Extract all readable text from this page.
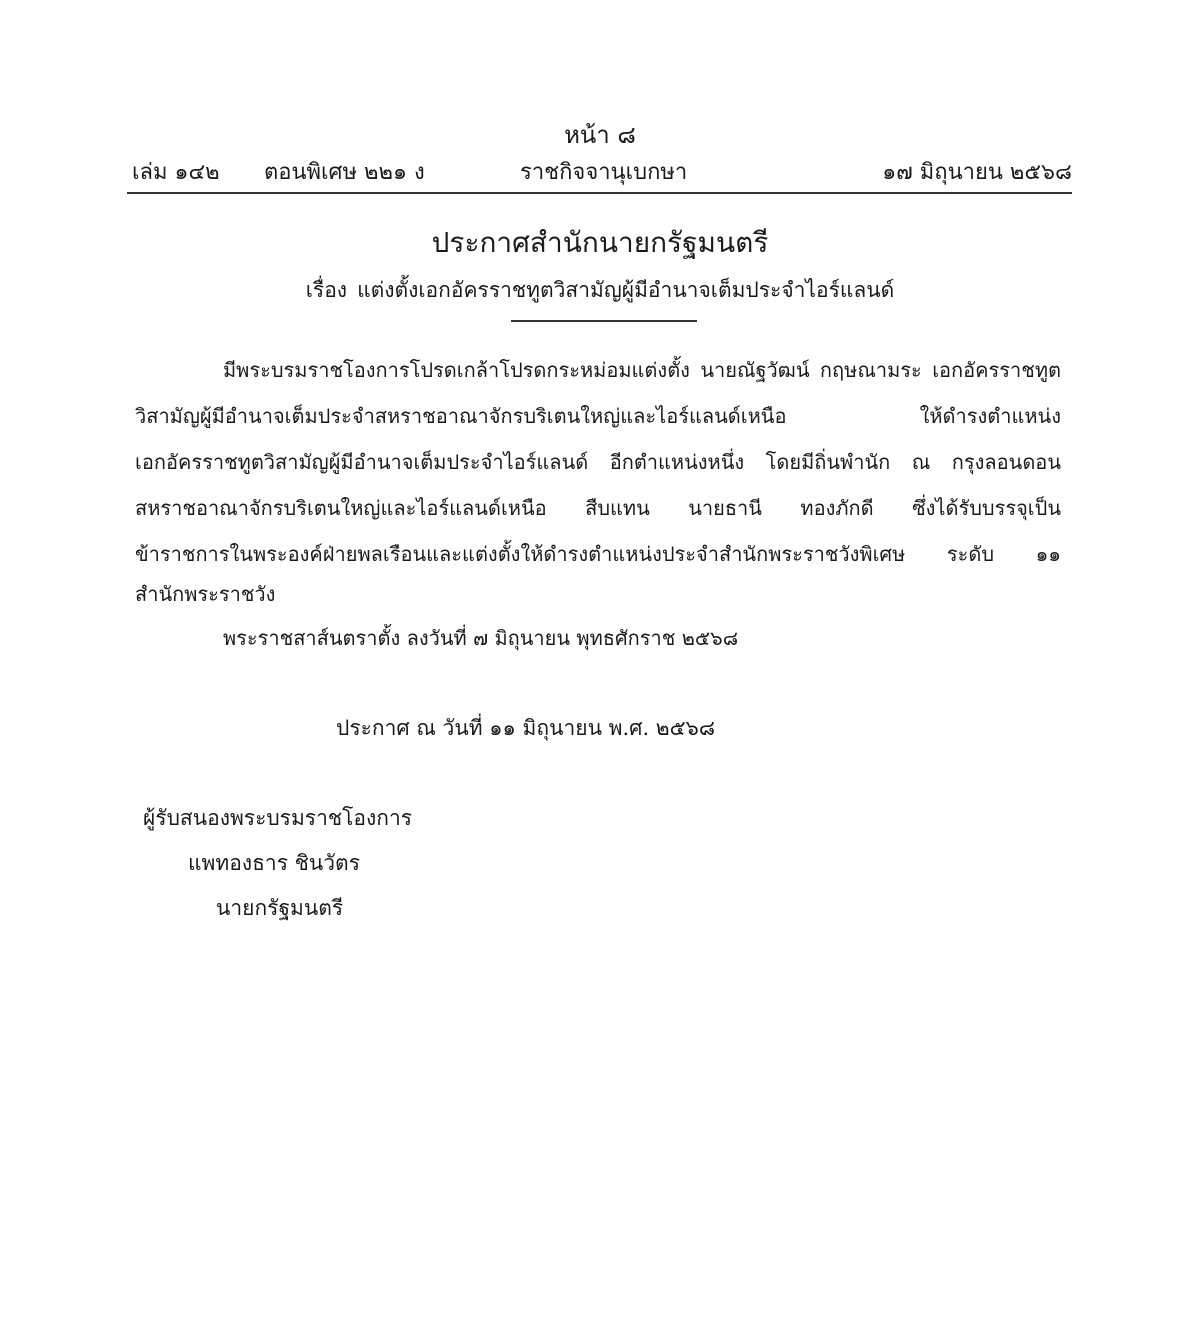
หน้า ๘
เล่ม ๑๔๒ ตอนพิเศษ ๒๒๑ ง	ราชกิจจานุเบกษา	๑๗ มิถุนายน ๒๕๖๘
ประกาศสำนักนายกรัฐมนตรี
เรื่อง แต่งตั้งเอกอัครราชทูตวิสามัญผู้มีอำนาจเต็มประจำไอร์แลนด์
มีพระบรมราชโองการโปรดเกล้าโปรดกระหม่อมแต่งตั้ง นายณัฐวัฒน์ กฤษณามระ เอกอัครราชทูต
วิสามัญผู้มีอำนาจเต็มประจำสหราชอาณาจักรบริเตนใหญ่และไอร์แลนด์เหนือ ให้ดำรงตำแหน่ง
เอกอัครราชทูตวิสามัญผู้มีอำนาจเต็มประจำไอร์แลนด์ อีกตำแหน่งหนึ่ง โดยมีถิ่นพำนัก ณ กรุงลอนดอน
สหราชอาณาจักรบริเตนใหญ่และไอร์แลนด์เหนือ สืบแทน นายธานี ทองภักดี ซึ่งได้รับบรรจุเป็น
ข้าราชการในพระองค์ฝ่ายพลเรือนและแต่งตั้งให้ดำรงตำแหน่งประจำสำนักพระราชวังพิเศษ ระดับ ๑๑
สำนักพระราชวัง
พระราชสาส์นตราตั้ง ลงวันที่ ๗ มิถุนายน พุทธศักราช ๒๕๖๘
ประกาศ ณ วันที่ ๑๑ มิถุนายน พ.ศ. ๒๕๖๘
ผู้รับสนองพระบรมราชโองการ
แพทองธาร ชินวัตร
นายกรัฐมนตรี
